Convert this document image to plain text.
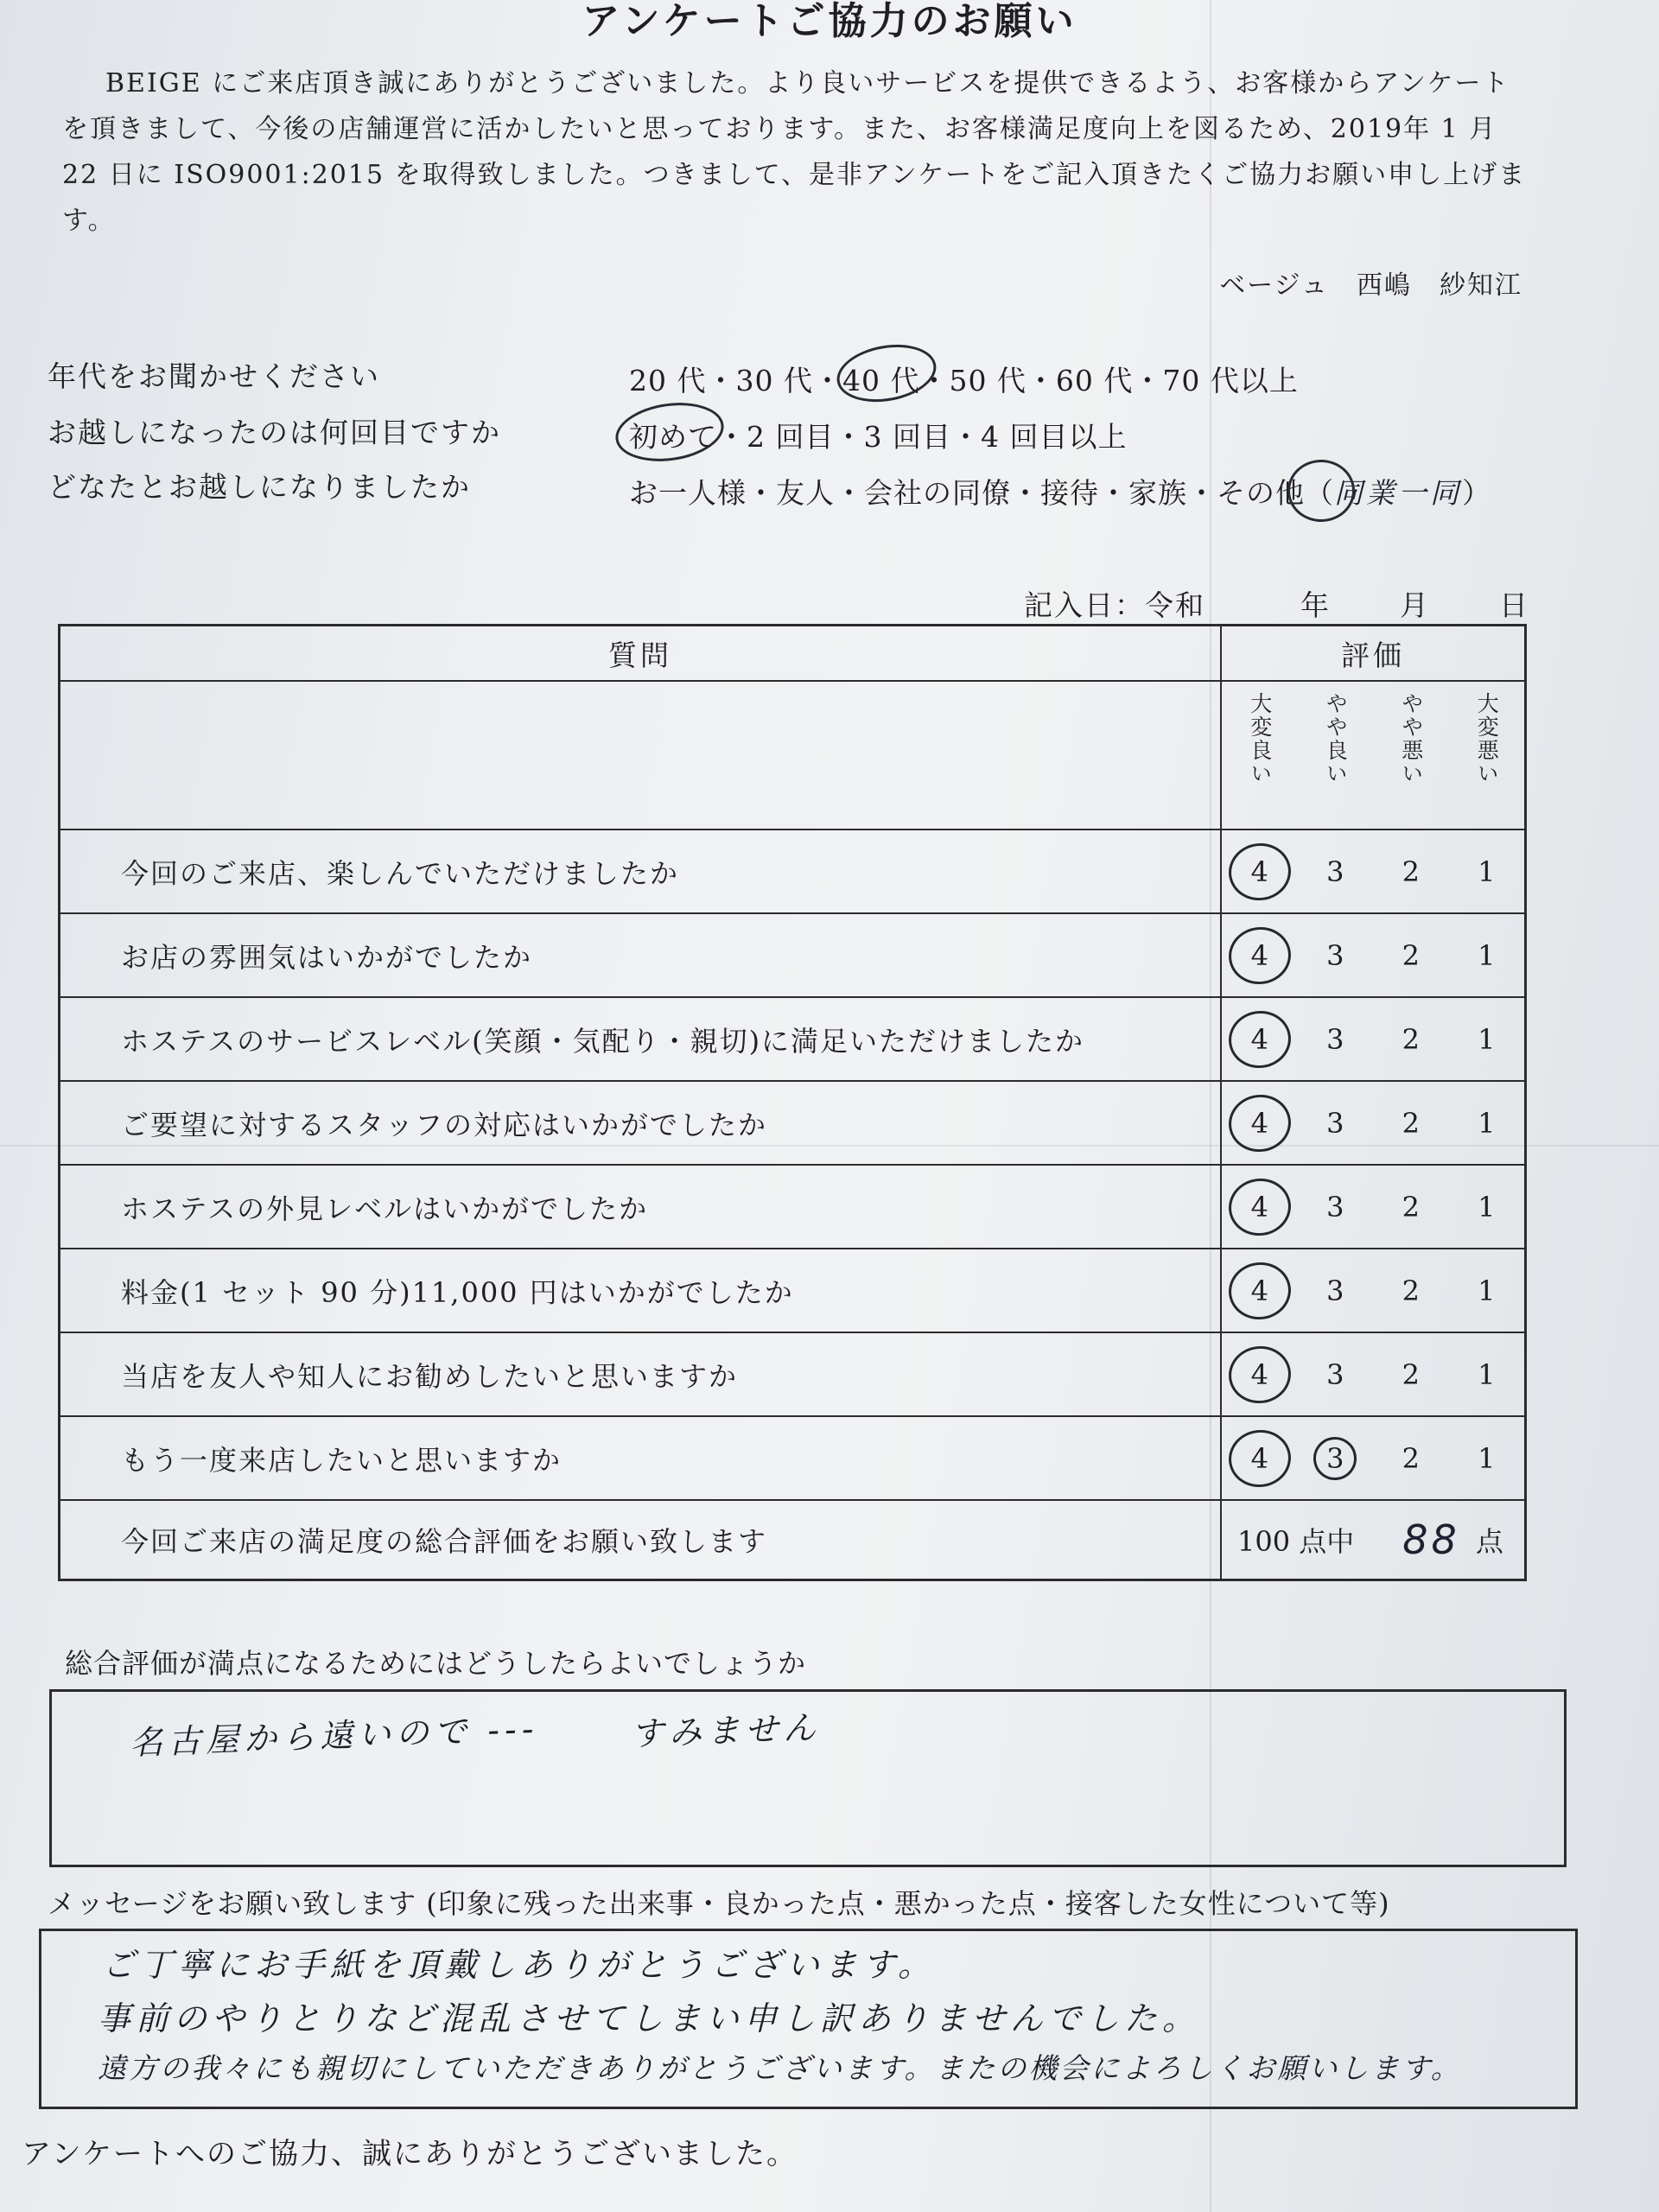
アンケートご協力のお願い
BEIGE にご来店頂き誠にありがとうございました。より良いサービスを提供できるよう、お客様からアンケートを頂きまして、今後の店舗運営に活かしたいと思っております。また、お客様満足度向上を図るため、2019年 1 月 22 日に ISO9001:2015 を取得致しました。つきまして、是非アンケートをご記入頂きたくご協力お願い申し上げます。
ベージュ　西嶋　紗知江
年代をお聞かせください	20 代・30 代・40 代・50 代・60 代・70 代以上
お越しになったのは何回目ですか	初めて・2 回目・3 回目・4 回目以上
どなたとお越しになりましたか	お一人様・友人・会社の同僚・接待・家族・その他（同業一同）
記入日：令和	年 月 日
質問	評価

大変良い やや良い やや悪い 大変悪い

今回のご来店、楽しんでいただけましたか	4 3 2 1

お店の雰囲気はいかがでしたか	4 3 2 1

ホステスのサービスレベル(笑顔・気配り・親切)に満足いただけましたか	4 3 2 1

ご要望に対するスタッフの対応はいかがでしたか	4 3 2 1

ホステスの外見レベルはいかがでしたか	4 3 2 1

料金(1 セット 90 分)11,000 円はいかがでしたか	4 3 2 1

当店を友人や知人にお勧めしたいと思いますか	4 3 2 1

もう一度来店したいと思いますか	4 3 2 1

今回ご来店の満足度の総合評価をお願い致します	100 点中 88 点
総合評価が満点になるためにはどうしたらよいでしょうか
名古屋から遠いので ---	すみません
メッセージをお願い致します (印象に残った出来事・良かった点・悪かった点・接客した女性について等)
ご丁寧にお手紙を頂戴しありがとうございます。
事前のやりとりなど混乱させてしまい申し訳ありませんでした。
遠方の我々にも親切にしていただきありがとうございます。またの機会によろしくお願いします。
アンケートへのご協力、誠にありがとうございました。
